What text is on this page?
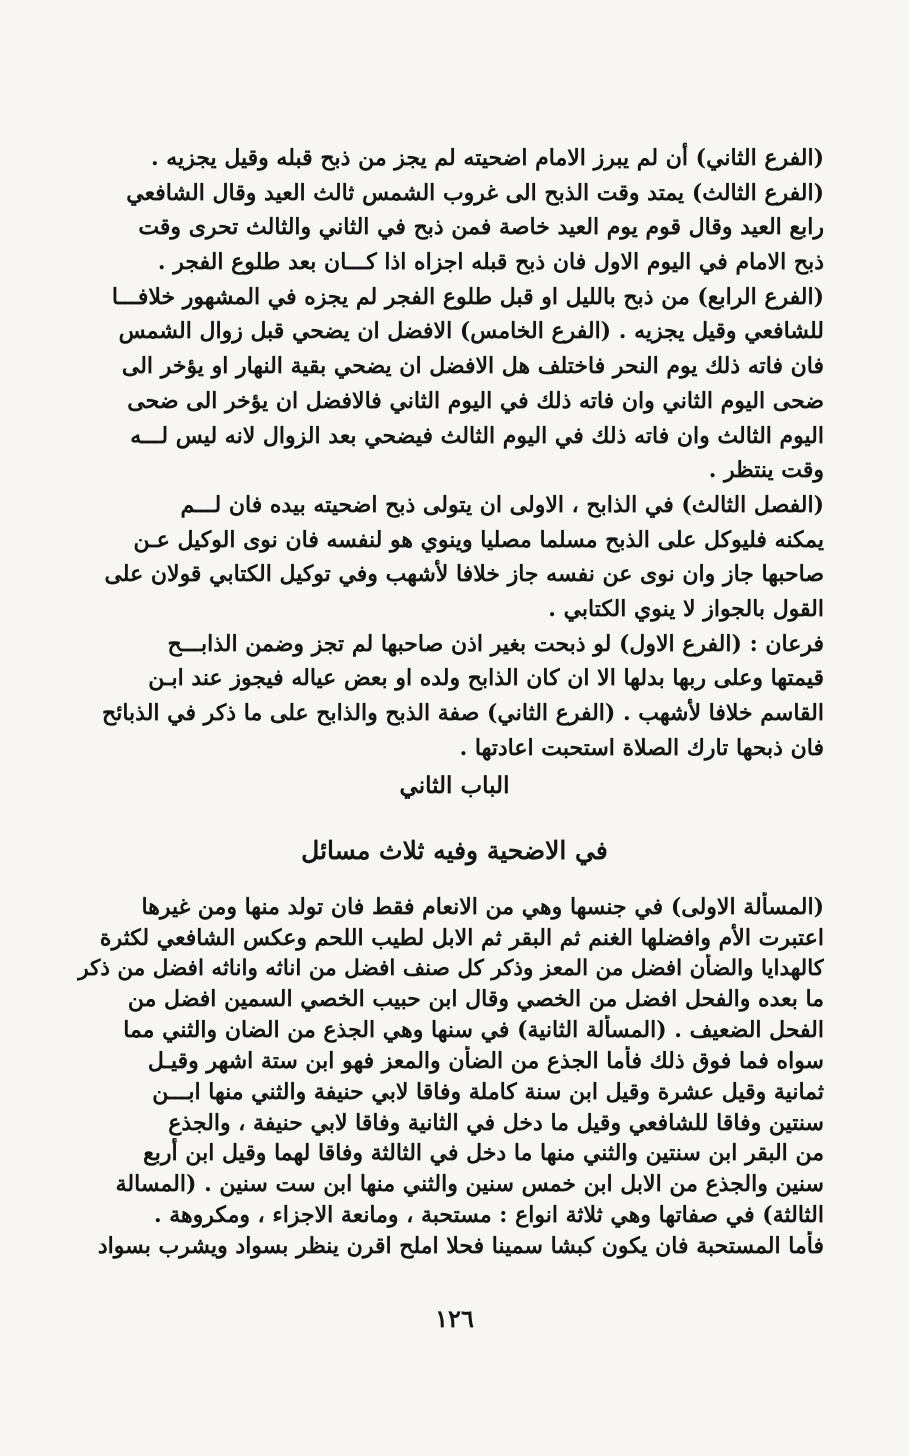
(الفرع الثاني) أن لم يبرز الامام اضحيته لم يجز من ذبح قبله وقيل يجزيه .
(الفرع الثالث) يمتد وقت الذبح الى غروب الشمس ثالث العيد وقال الشافعي
رابع العيد وقال قوم يوم العيد خاصة فمن ذبح في الثاني والثالث تحرى وقت
ذبح الامام في اليوم الاول فان ذبح قبله اجزاه اذا كـــان بعد طلوع الفجر .
(الفرع الرابع) من ذبح بالليل او قبل طلوع الفجر لم يجزه في المشهور خلافـــا
للشافعي وقيل يجزيه . (الفرع الخامس) الافضل ان يضحي قبل زوال الشمس
فان فاته ذلك يوم النحر فاختلف هل الافضل ان يضحي بقية النهار او يؤخر الى
ضحى اليوم الثاني وان فاته ذلك في اليوم الثاني فالافضل ان يؤخر الى ضحى
اليوم الثالث وان فاته ذلك في اليوم الثالث فيضحي بعد الزوال لانه ليس لـــه
وقت ينتظر .
(الفصل الثالث) في الذابح ، الاولى ان يتولى ذبح اضحيته بيده فان لـــم
يمكنه فليوكل على الذبح مسلما مصليا وينوي هو لنفسه فان نوى الوكيل عـن
صاحبها جاز وان نوى عن نفسه جاز خلافا لأشهب وفي توكيل الكتابي قولان على
القول بالجواز لا ينوي الكتابي .
فرعان : (الفرع الاول) لو ذبحت بغير اذن صاحبها لم تجز وضمن الذابـــح
قيمتها وعلى ربها بدلها الا ان كان الذابح ولده او بعض عياله فيجوز عند ابـن
القاسم خلافا لأشهب . (الفرع الثاني) صفة الذبح والذابح على ما ذكر في الذبائح
فان ذبحها تارك الصلاة استحبت اعادتها .
الباب الثاني
في الاضحية وفيه ثلاث مسائل
(المسألة الاولى) في جنسها وهي من الانعام فقط فان تولد منها ومن غيرها
اعتبرت الأم وافضلها الغنم ثم البقر ثم الابل لطيب اللحم وعكس الشافعي لكثرة
كالهدايا والضأن افضل من المعز وذكر كل صنف افضل من اناثه واناثه افضل من ذكر
ما بعده والفحل افضل من الخصي وقال ابن حبيب الخصي السمين افضل من
الفحل الضعيف . (المسألة الثانية) في سنها وهي الجذع من الضان والثني مما
سواه فما فوق ذلك فأما الجذع من الضأن والمعز فهو ابن ستة اشهر وقيـل
ثمانية وقيل عشرة وقيل ابن سنة كاملة وفاقا لابي حنيفة والثني منها ابـــن
سنتين وفاقا للشافعي وقيل ما دخل في الثانية وفاقا لابي حنيفة ، والجذع
من البقر ابن سنتين والثني منها ما دخل في الثالثة وفاقا لهما وقيل ابن أربع
سنين والجذع من الابل ابن خمس سنين والثني منها ابن ست سنين . (المسالة
الثالثة) في صفاتها وهي ثلاثة انواع : مستحبة ، ومانعة الاجزاء ، ومكروهة .
فأما المستحبة فان يكون كبشا سمينا فحلا املح اقرن ينظر بسواد ويشرب بسواد
١٢٦
